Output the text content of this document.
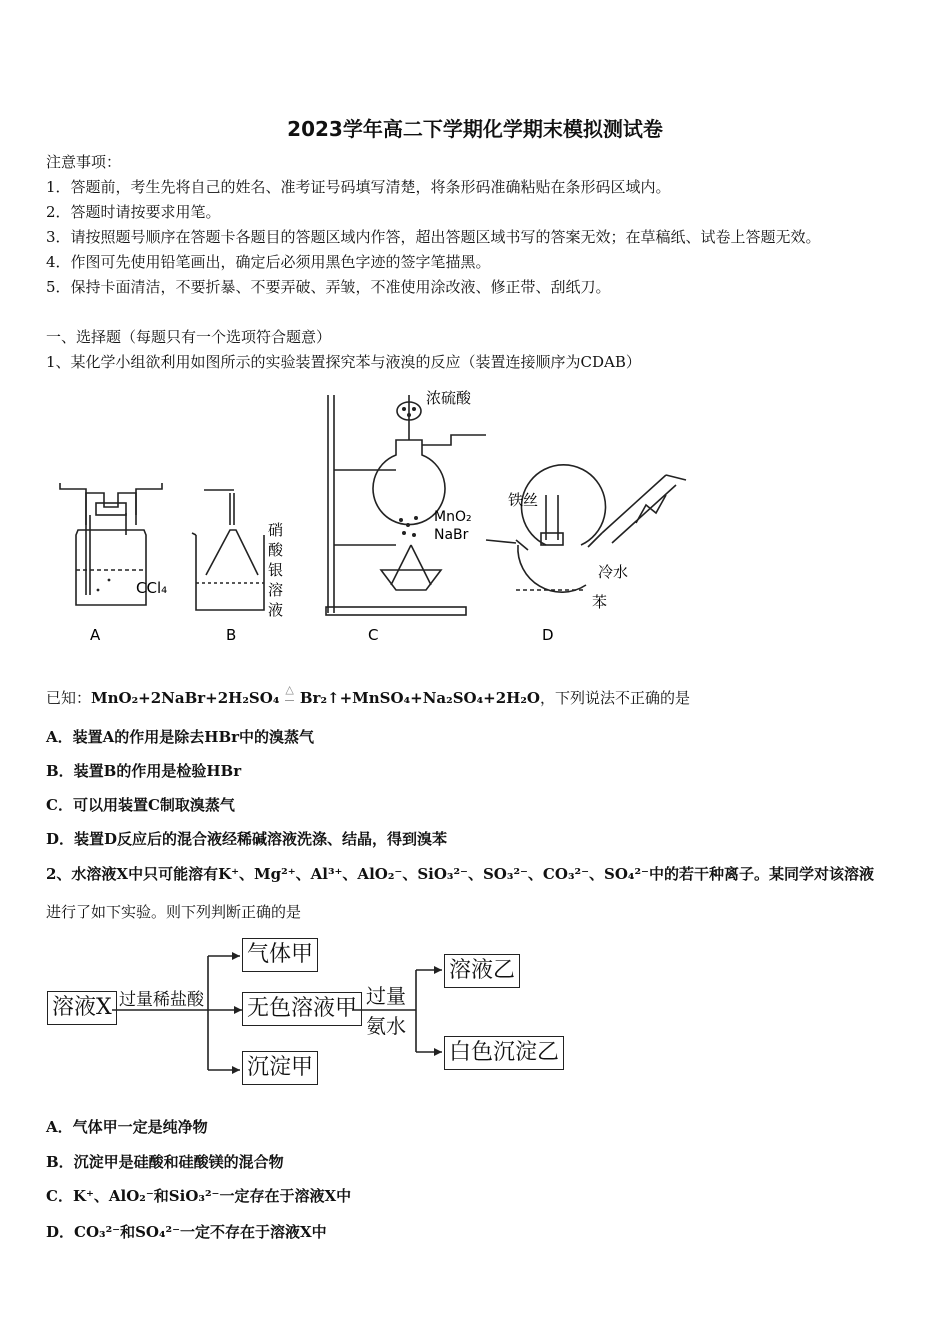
2023学年高二下学期化学期末模拟测试卷
注意事项：
1．答题前，考生先将自己的姓名、准考证号码填写清楚，将条形码准确粘贴在条形码区域内。
2．答题时请按要求用笔。
3．请按照题号顺序在答题卡各题目的答题区域内作答，超出答题区域书写的答案无效；在草稿纸、试卷上答题无效。
4．作图可先使用铅笔画出，确定后必须用黑色字迹的签字笔描黑。
5．保持卡面清洁，不要折暴、不要弄破、弄皱，不准使用涂改液、修正带、刮纸刀。
一、选择题（每题只有一个选项符合题意）
1、某化学小组欲利用如图所示的实验装置探究苯与液溴的反应（装置连接顺序为CDAB）
CCl₄
硝
酸
银
溶
液
浓硫酸
MnO₂
NaBr
铁丝
冷水
苯
A	B	C	D
已知：MnO₂+2NaBr+2H₂SO₄ △ Br₂↑+MnSO₄+Na₂SO₄+2H₂O，下列说法不正确的是
A．装置A的作用是除去HBr中的溴蒸气
B．装置B的作用是检验HBr
C．可以用装置C制取溴蒸气
D．装置D反应后的混合液经稀碱溶液洗涤、结晶，得到溴苯
2、水溶液X中只可能溶有K⁺、Mg²⁺、Al³⁺、AlO₂⁻、SiO₃²⁻、SO₃²⁻、CO₃²⁻、SO₄²⁻中的若干种离子。某同学对该溶液
进行了如下实验。则下列判断正确的是
溶液X 过量稀盐酸
气体甲
无色溶液甲
沉淀甲
过量
氨水
溶液乙
白色沉淀乙
A．气体甲一定是纯净物
B．沉淀甲是硅酸和硅酸镁的混合物
C．K⁺、AlO₂⁻和SiO₃²⁻一定存在于溶液X中
D．CO₃²⁻和SO₄²⁻一定不存在于溶液X中
